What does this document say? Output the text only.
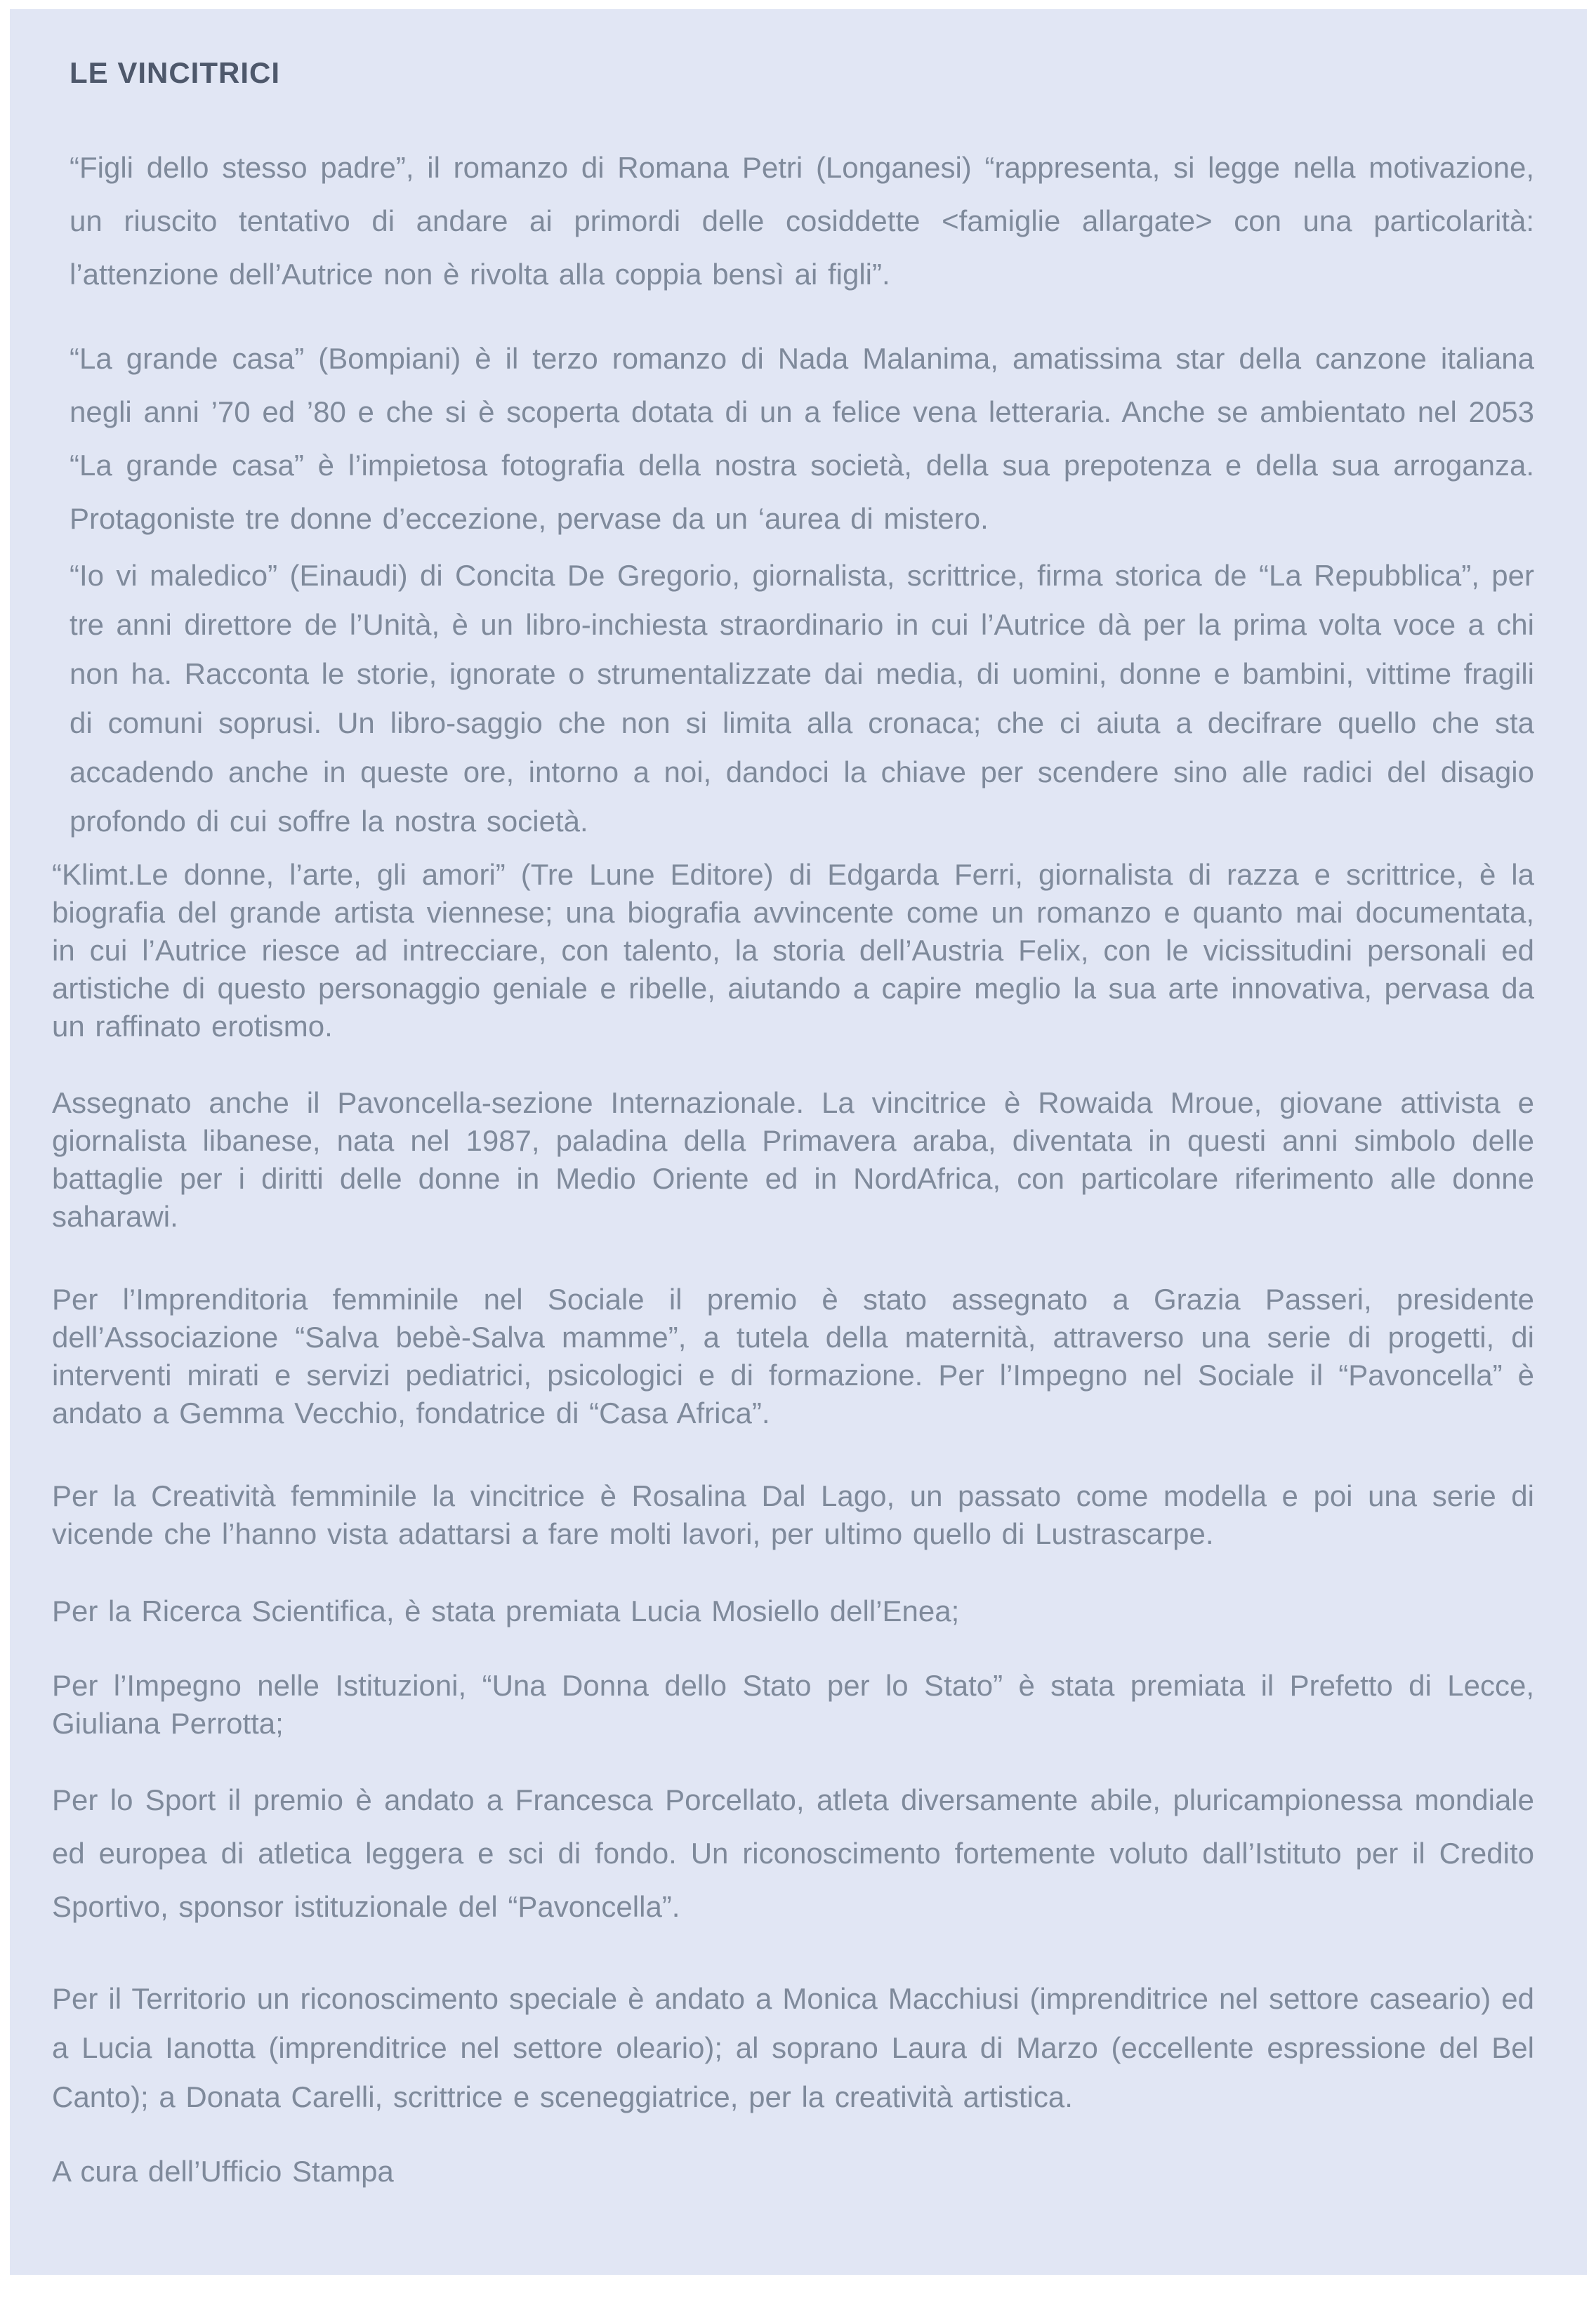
LE VINCITRICI

“Figli dello stesso padre”, il romanzo di Romana Petri (Longanesi) “rappresenta, si legge nella motivazione, un riuscito tentativo di andare ai primordi delle cosiddette <famiglie allargate> con una particolarità: l’attenzione dell’Autrice non è rivolta alla coppia bensì ai figli”.

“La grande casa” (Bompiani) è il terzo romanzo di Nada Malanima, amatissima star della canzone italiana negli anni ’70 ed ’80 e che si è scoperta dotata di un a felice vena letteraria. Anche se ambientato nel 2053 “La grande casa” è l’impietosa fotografia della nostra società, della sua prepotenza e della sua arroganza. Protagoniste tre donne d’eccezione, pervase da un ‘aurea di mistero.

“Io vi maledico” (Einaudi) di Concita De Gregorio, giornalista, scrittrice, firma storica de “La Repubblica”, per tre anni direttore de l’Unità, è un libro-inchiesta straordinario in cui l’Autrice dà per la prima volta voce a chi non ha. Racconta le storie, ignorate o strumentalizzate dai media, di uomini, donne e bambini, vittime fragili di comuni soprusi. Un libro-saggio che non si limita alla cronaca; che ci aiuta a decifrare quello che sta accadendo anche in queste ore, intorno a noi, dandoci la chiave per scendere sino alle radici del disagio profondo di cui soffre la nostra società.

“Klimt.Le donne, l’arte, gli amori” (Tre Lune Editore) di Edgarda Ferri, giornalista di razza e scrittrice, è la biografia del grande artista viennese; una biografia avvincente come un romanzo e quanto mai documentata, in cui l’Autrice riesce ad intrecciare, con talento, la storia dell’Austria Felix, con le vicissitudini personali ed artistiche di questo personaggio geniale e ribelle, aiutando a capire meglio la sua arte innovativa, pervasa da un raffinato erotismo.

Assegnato anche il Pavoncella-sezione Internazionale. La vincitrice è Rowaida Mroue, giovane attivista e giornalista libanese, nata nel 1987, paladina della Primavera araba, diventata in questi anni simbolo delle battaglie per i diritti delle donne in Medio Oriente ed in NordAfrica, con particolare riferimento alle donne saharawi.

Per l’Imprenditoria femminile nel Sociale il premio è stato assegnato a Grazia Passeri, presidente dell’Associazione “Salva bebè-Salva mamme”, a tutela della maternità, attraverso una serie di progetti, di interventi mirati e servizi pediatrici, psicologici e di formazione. Per l’Impegno nel Sociale il “Pavoncella” è andato a Gemma Vecchio, fondatrice di “Casa Africa”.

Per la Creatività femminile la vincitrice è Rosalina Dal Lago, un passato come modella e poi una serie di vicende che l’hanno vista adattarsi a fare molti lavori, per ultimo quello di Lustrascarpe.

Per la Ricerca Scientifica, è stata premiata Lucia Mosiello dell’Enea;

Per l’Impegno nelle Istituzioni, “Una Donna dello Stato per lo Stato” è stata premiata il Prefetto di Lecce, Giuliana Perrotta;

Per lo Sport il premio è andato a Francesca Porcellato, atleta diversamente abile, pluricampionessa mondiale ed europea di atletica leggera e sci di fondo. Un riconoscimento fortemente voluto dall’Istituto per il Credito Sportivo, sponsor istituzionale del “Pavoncella”.

Per il Territorio un riconoscimento speciale è andato a Monica Macchiusi (imprenditrice nel settore caseario) ed a Lucia Ianotta (imprenditrice nel settore oleario); al soprano Laura di Marzo (eccellente espressione del Bel Canto); a Donata Carelli, scrittrice e sceneggiatrice, per la creatività artistica.

A cura dell’Ufficio Stampa
